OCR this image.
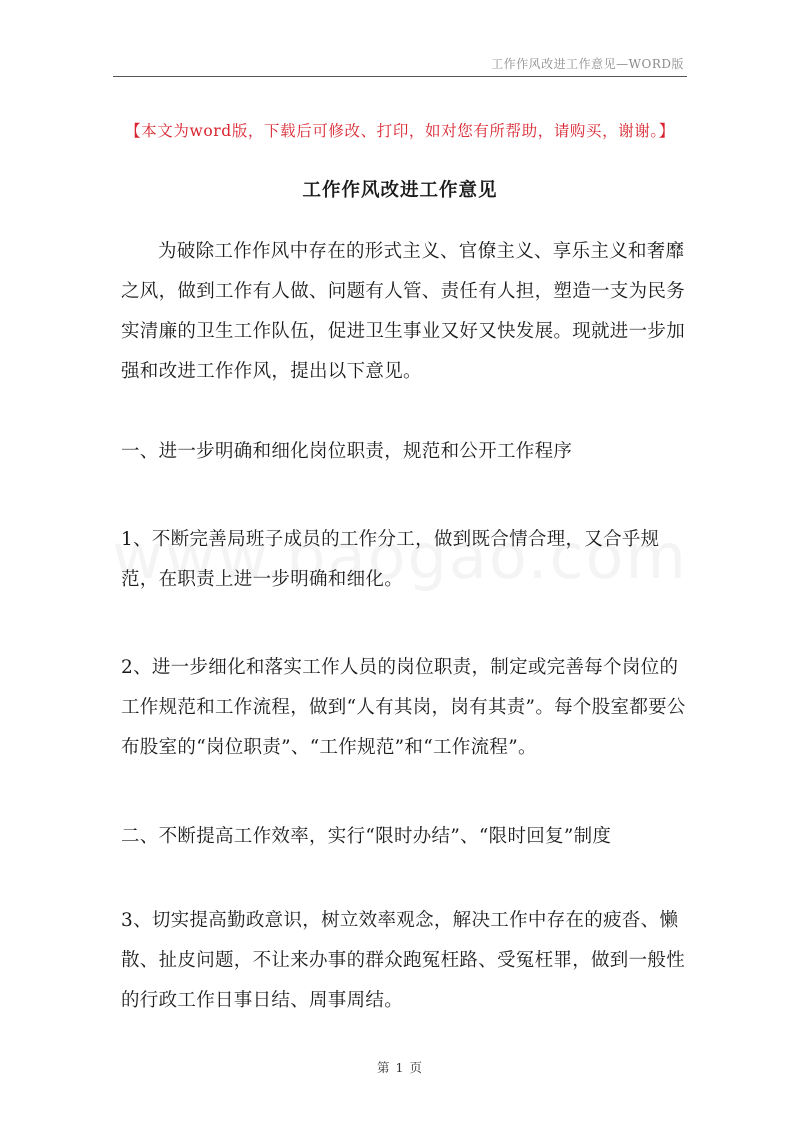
工作作风改进工作意见—WORD版
【本文为word版，下载后可修改、打印，如对您有所帮助，请购买，谢谢。】
工作作风改进工作意见

为破除工作作风中存在的形式主义、官僚主义、享乐主义和奢靡之风，做到工作有人做、问题有人管、责任有人担，塑造一支为民务实清廉的卫生工作队伍，促进卫生事业又好又快发展。现就进一步加强和改进工作作风，提出以下意见。

一、进一步明确和细化岗位职责，规范和公开工作程序

1、不断完善局班子成员的工作分工，做到既合情合理，又合乎规范，在职责上进一步明确和细化。

2、进一步细化和落实工作人员的岗位职责，制定或完善每个岗位的工作规范和工作流程，做到“人有其岗，岗有其责”。每个股室都要公布股室的“岗位职责”、“工作规范”和“工作流程”。

二、不断提高工作效率，实行“限时办结”、“限时回复”制度

3、切实提高勤政意识，树立效率观念，解决工作中存在的疲沓、懒散、扯皮问题，不让来办事的群众跑冤枉路、受冤枉罪，做到一般性的行政工作日事日结、周事周结。

第 1 页
